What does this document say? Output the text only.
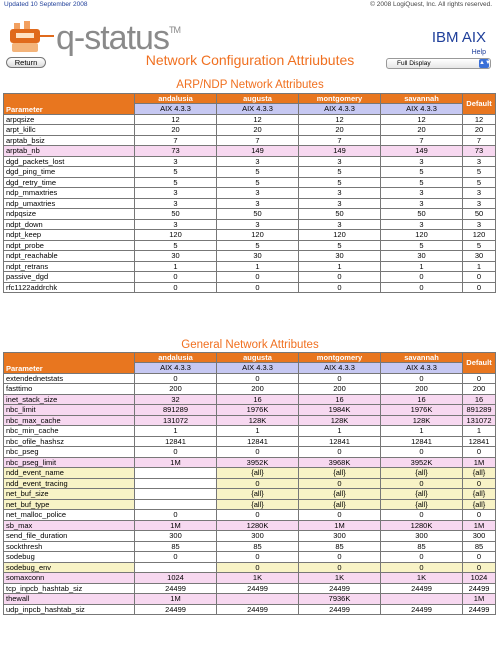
Updated 10 September 2008	© 2008 LogiQuest, Inc. All rights reserved.
q-status™	IBM AIX
Help
Network Configuration Attriubutes
Return	Full Display	▲▼
ARP/NDP Network Attributes
Parameter	andalusia	augusta	montgomery	savannah	Default
	AIX 4.3.3	AIX 4.3.3	AIX 4.3.3	AIX 4.3.3	
arpqsize	12	12	12	12	12
arpt_killc	20	20	20	20	20
arptab_bsiz	7	7	7	7	7
arptab_nb	73	149	149	149	73
dgd_packets_lost	3	3	3	3	3
dgd_ping_time	5	5	5	5	5
dgd_retry_time	5	5	5	5	5
ndp_mmaxtries	3	3	3	3	3
ndp_umaxtries	3	3	3	3	3
ndpqsize	50	50	50	50	50
ndpt_down	3	3	3	3	3
ndpt_keep	120	120	120	120	120
ndpt_probe	5	5	5	5	5
ndpt_reachable	30	30	30	30	30
ndpt_retrans	1	1	1	1	1
passive_dgd	0	0	0	0	0
rfc1122addrchk	0	0	0	0	0
General Network Attributes
Parameter	andalusia	augusta	montgomery	savannah	Default
	AIX 4.3.3	AIX 4.3.3	AIX 4.3.3	AIX 4.3.3	
extendednetstats	0	0	0	0	0
fasttimo	200	200	200	200	200
inet_stack_size	32	16	16	16	16
nbc_limit	891289	1976K	1984K	1976K	891289
nbc_max_cache	131072	128K	128K	128K	131072
nbc_min_cache	1	1	1	1	1
nbc_ofile_hashsz	12841	12841	12841	12841	12841
nbc_pseg	0	0	0	0	0
nbc_pseg_limit	1M	3952K	3968K	3952K	1M
ndd_event_name		{all}	{all}	{all}	{all}
ndd_event_tracing		0	0	0	0
net_buf_size		{all}	{all}	{all}	{all}
net_buf_type		{all}	{all}	{all}	{all}
net_malloc_police	0	0	0	0	0
sb_max	1M	1280K	1M	1280K	1M
send_file_duration	300	300	300	300	300
sockthresh	85	85	85	85	85
sodebug	0	0	0	0	0
sodebug_env		0	0	0	0
somaxconn	1024	1K	1K	1K	1024
tcp_inpcb_hashtab_siz	24499	24499	24499	24499	24499
thewall	1M		7936K		1M
udp_inpcb_hashtab_siz	24499	24499	24499	24499	24499
